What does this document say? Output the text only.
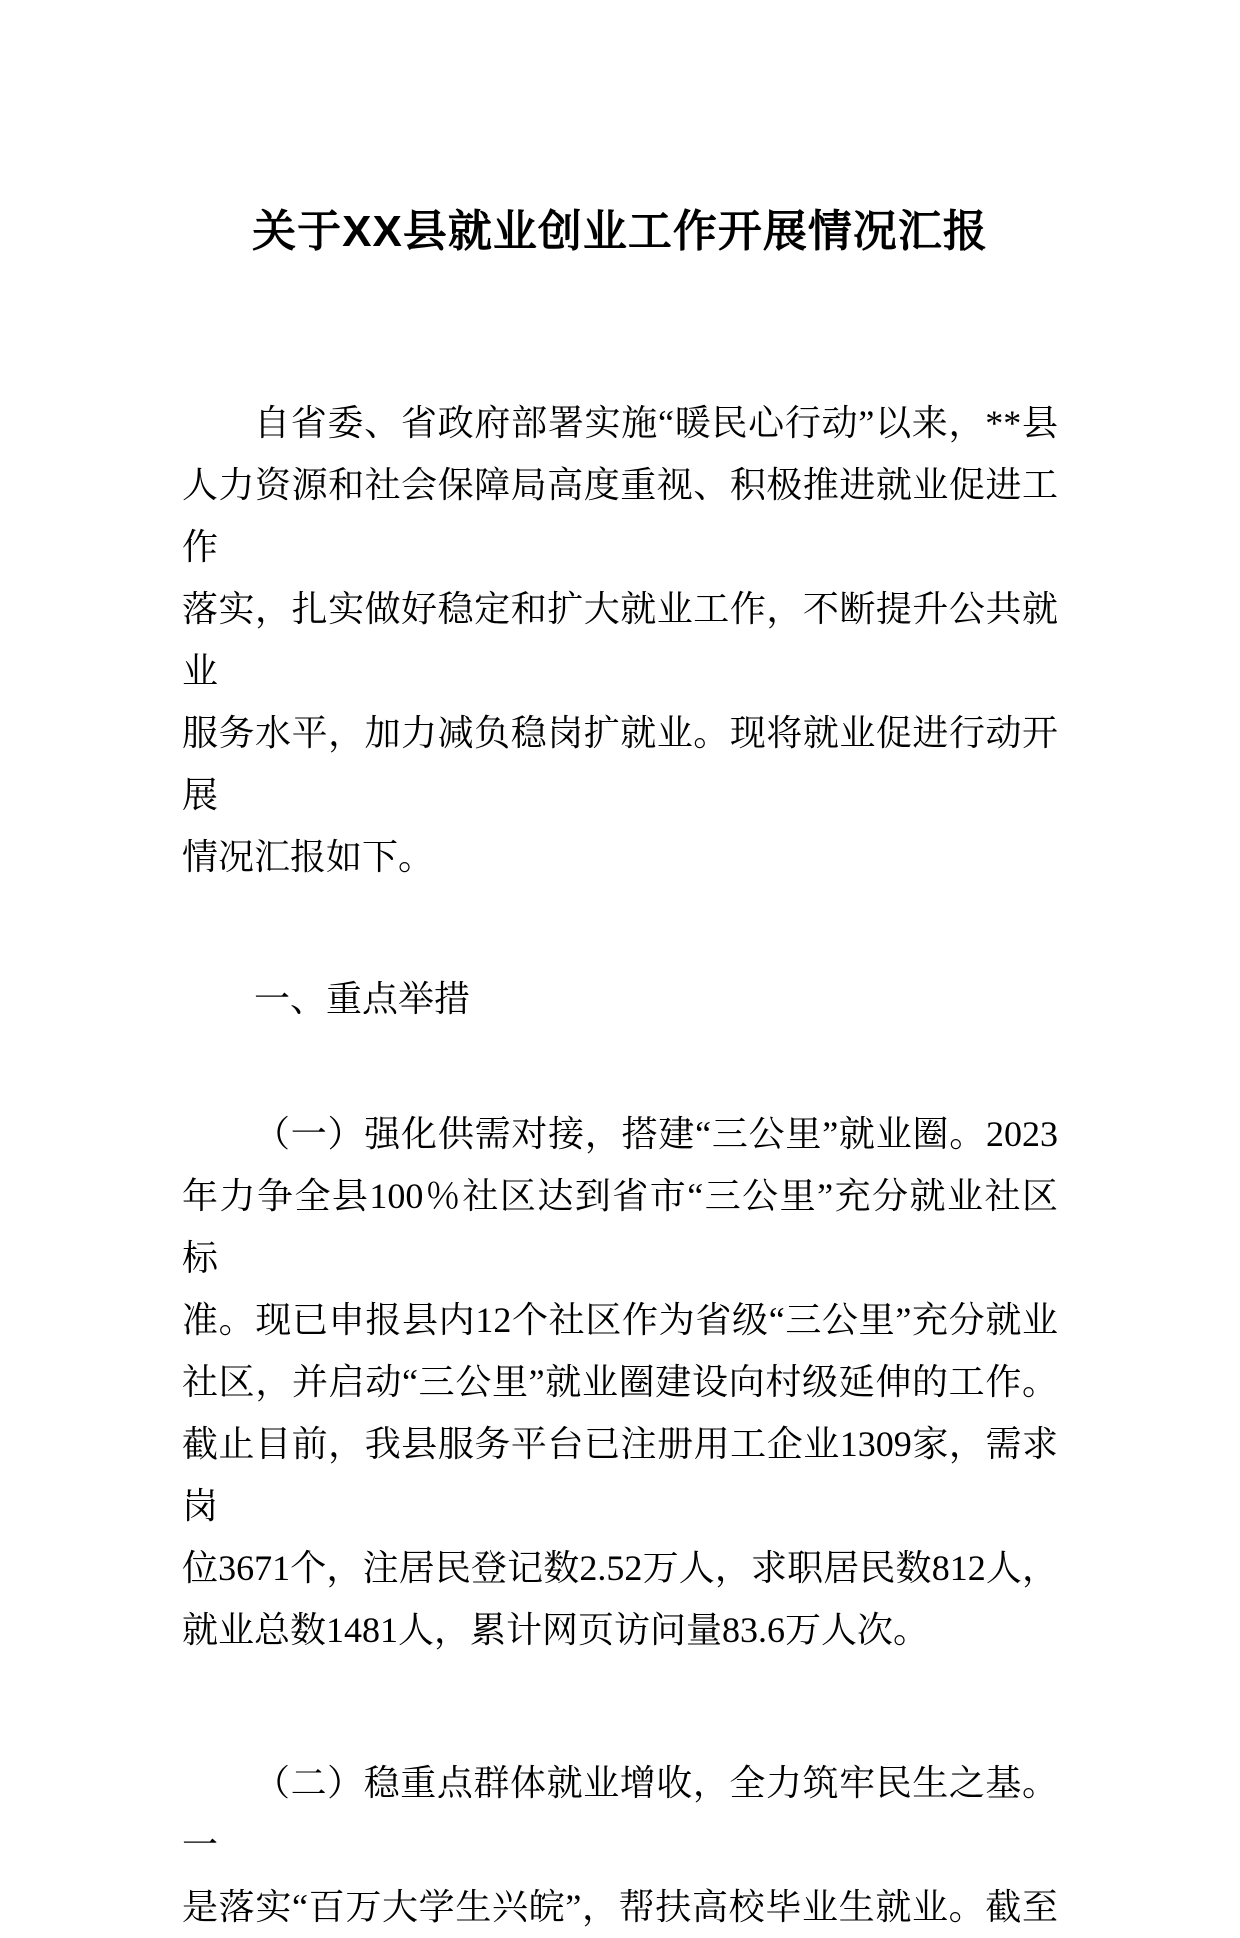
关于XX县就业创业工作开展情况汇报
自省委、省政府部署实施“暖民心行动”以来，**县
人力资源和社会保障局高度重视、积极推进就业促进工作
落实，扎实做好稳定和扩大就业工作，不断提升公共就业
服务水平，加力减负稳岗扩就业。现将就业促进行动开展
情况汇报如下。
一、重点举措
（一）强化供需对接，搭建“三公里”就业圈。2023
年力争全县100％社区达到省市“三公里”充分就业社区标
准。现已申报县内12个社区作为省级“三公里”充分就业
社区，并启动“三公里”就业圈建设向村级延伸的工作。
截止目前，我县服务平台已注册用工企业1309家，需求岗
位3671个，注居民登记数2.52万人，求职居民数812人，
就业总数1481人，累计网页访问量83.6万人次。
（二）稳重点群体就业增收，全力筑牢民生之基。一
是落实“百万大学生兴皖”，帮扶高校毕业生就业。截至
